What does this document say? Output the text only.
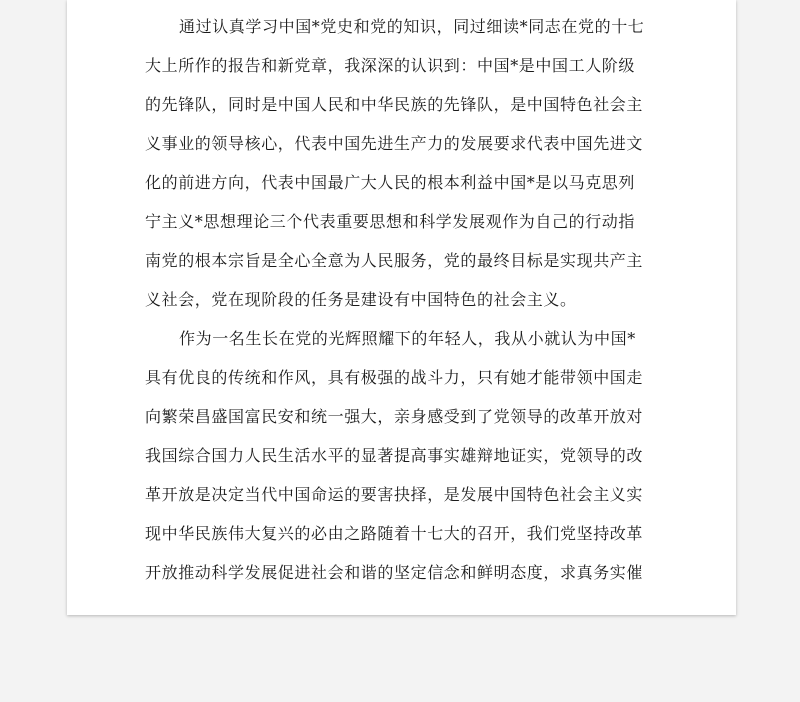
通过认真学习中国*党史和党的知识，同过细读*同志在党的十七
大上所作的报告和新党章，我深深的认识到：中国*是中国工人阶级
的先锋队，同时是中国人民和中华民族的先锋队，是中国特色社会主
义事业的领导核心，代表中国先进生产力的发展要求代表中国先进文
化的前进方向，代表中国最广大人民的根本利益中国*是以马克思列
宁主义*思想理论三个代表重要思想和科学发展观作为自己的行动指
南党的根本宗旨是全心全意为人民服务，党的最终目标是实现共产主
义社会，党在现阶段的任务是建设有中国特色的社会主义。
作为一名生长在党的光辉照耀下的年轻人，我从小就认为中国*
具有优良的传统和作风，具有极强的战斗力，只有她才能带领中国走
向繁荣昌盛国富民安和统一强大，亲身感受到了党领导的改革开放对
我国综合国力人民生活水平的显著提高事实雄辩地证实，党领导的改
革开放是决定当代中国命运的要害抉择，是发展中国特色社会主义实
现中华民族伟大复兴的必由之路随着十七大的召开，我们党坚持改革
开放推动科学发展促进社会和谐的坚定信念和鲜明态度，求真务实催
